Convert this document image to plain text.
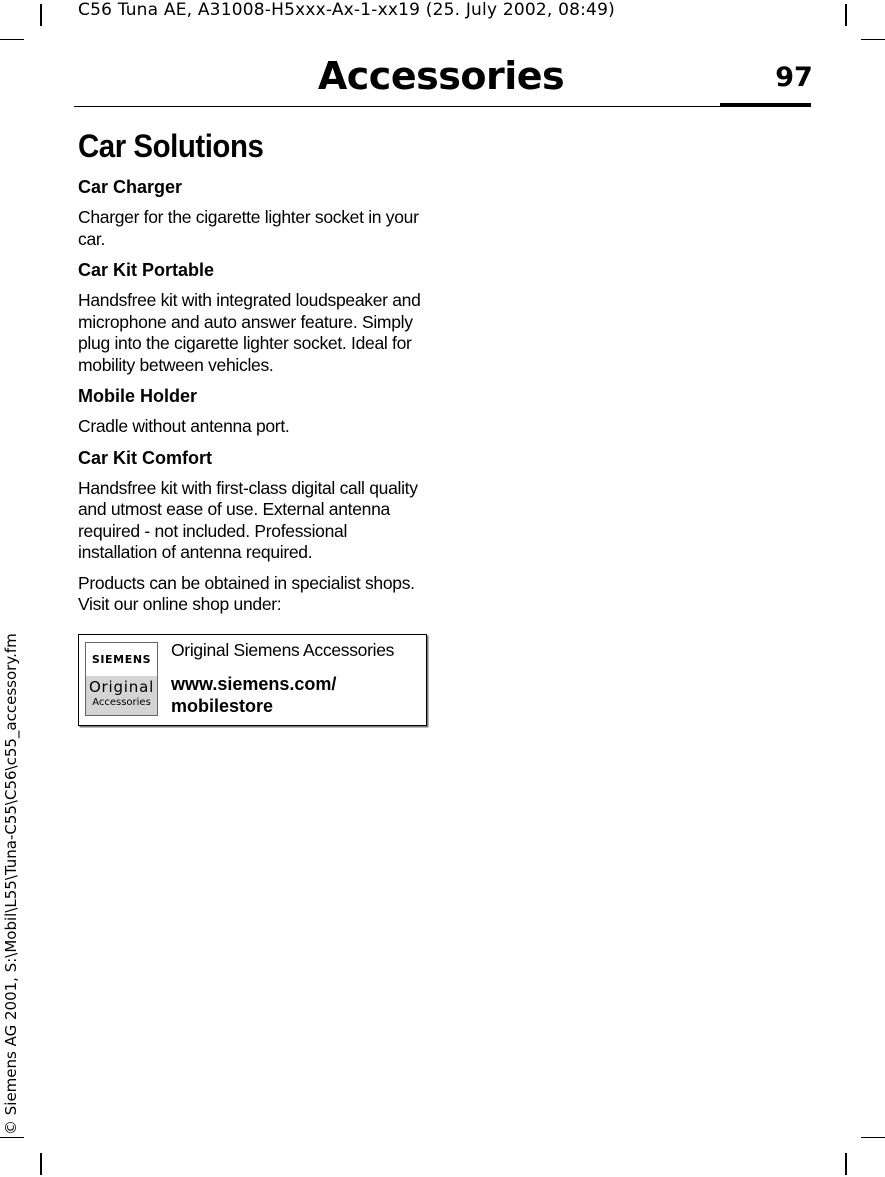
C56 Tuna AE, A31008-H5xxx-Ax-1-xx19 (25. July 2002, 08:49)
© Siemens AG 2001, S:\Mobil\L55\Tuna-C55\C56\c55_accessory.fm
Accessories	97
Car Solutions

Car Charger

Charger for the cigarette lighter socket in your car.

Car Kit Portable

Handsfree kit with integrated loudspeaker and microphone and auto answer feature. Simply plug into the cigarette lighter socket. Ideal for mobility between vehicles.

Mobile Holder

Cradle without antenna port.

Car Kit Comfort

Handsfree kit with first-class digital call quality and utmost ease of use. External antenna required - not included. Professional installation of antenna required.

Products can be obtained in specialist shops. Visit our online shop under:

SIEMENS
Original
Accessories
Original Siemens Accessories
www.siemens.com/ mobilestore
